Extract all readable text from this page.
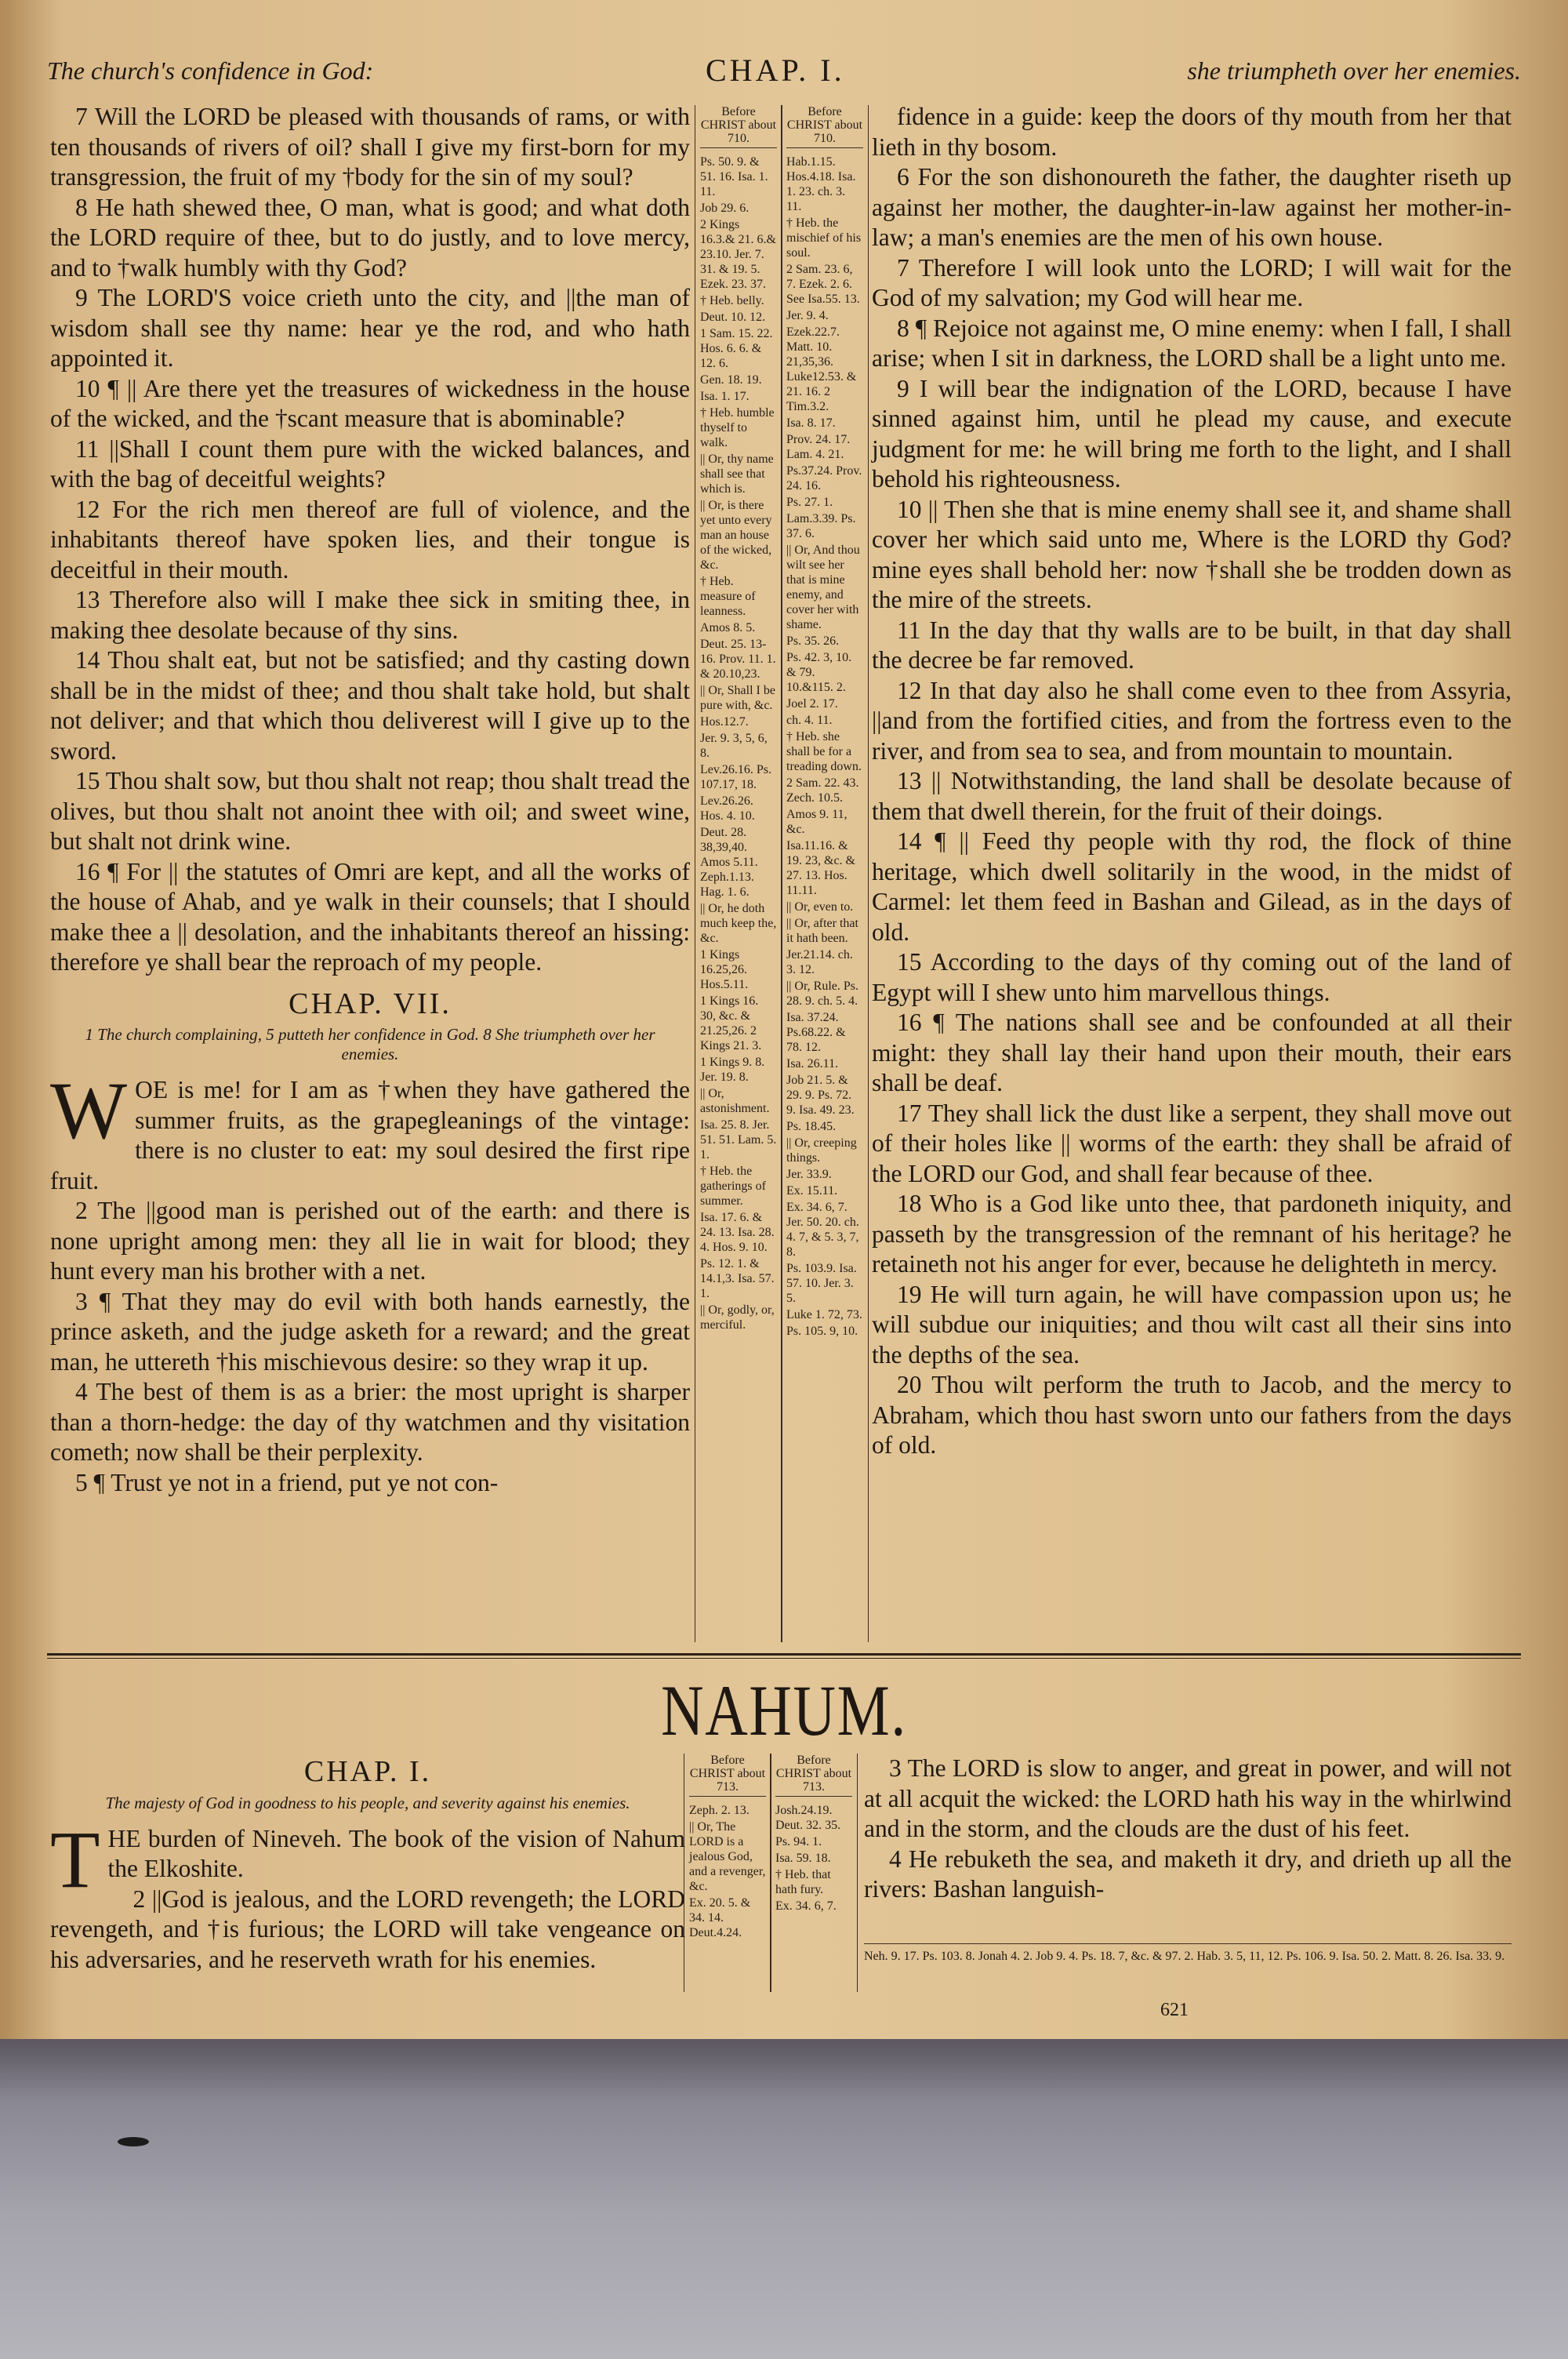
The church's confidence in God:	CHAP. I.	she triumpheth over her enemies.

7 Will the LORD be pleased with thousands of rams, or with ten thousands of rivers of oil? shall I give my first-born for my transgression, the fruit of my †body for the sin of my soul?

8 He hath shewed thee, O man, what is good; and what doth the LORD require of thee, but to do justly, and to love mercy, and to †walk humbly with thy God?

9 The LORD'S voice crieth unto the city, and ||the man of wisdom shall see thy name: hear ye the rod, and who hath appointed it.

10 ¶ || Are there yet the treasures of wickedness in the house of the wicked, and the †scant measure that is abominable?

11 ||Shall I count them pure with the wicked balances, and with the bag of deceitful weights?

12 For the rich men thereof are full of violence, and the inhabitants thereof have spoken lies, and their tongue is deceitful in their mouth.

13 Therefore also will I make thee sick in smiting thee, in making thee desolate because of thy sins.

14 Thou shalt eat, but not be satisfied; and thy casting down shall be in the midst of thee; and thou shalt take hold, but shalt not deliver; and that which thou deliverest will I give up to the sword.

15 Thou shalt sow, but thou shalt not reap; thou shalt tread the olives, but thou shalt not anoint thee with oil; and sweet wine, but shalt not drink wine.

16 ¶ For || the statutes of Omri are kept, and all the works of the house of Ahab, and ye walk in their counsels; that I should make thee a || desolation, and the inhabitants thereof an hissing: therefore ye shall bear the reproach of my people.

CHAP. VII.

1 The church complaining, 5 putteth her confidence in God. 8 She triumpheth over her enemies.

W OE is me! for I am as †when they have gathered the summer fruits, as the grapegleanings of the vintage: there is no cluster to eat: my soul desired the first ripe fruit.

2 The ||good man is perished out of the earth: and there is none upright among men: they all lie in wait for blood; they hunt every man his brother with a net.

3 ¶ That they may do evil with both hands earnestly, the prince asketh, and the judge asketh for a reward; and the great man, he uttereth †his mischievous desire: so they wrap it up.

4 The best of them is as a brier: the most upright is sharper than a thorn-hedge: the day of thy watchmen and thy visitation cometh; now shall be their perplexity.

5 ¶ Trust ye not in a friend, put ye not con-

Before CHRIST about 710.
Ps. 50. 9. & 51. 16. Isa. 1. 11.
Job 29. 6.
2 Kings 16.3.& 21. 6.& 23.10. Jer. 7. 31. & 19. 5. Ezek. 23. 37.
† Heb. belly.
Deut. 10. 12.
1 Sam. 15. 22. Hos. 6. 6. & 12. 6.
Gen. 18. 19.
Isa. 1. 17.
† Heb. humble thyself to walk.
|| Or, thy name shall see that which is.
|| Or, is there yet unto every man an house of the wicked, &c.
† Heb. measure of leanness.
Amos 8. 5.
Deut. 25. 13-16. Prov. 11. 1. & 20.10,23.
|| Or, Shall I be pure with, &c.
Hos.12.7.
Jer. 9. 3, 5, 6, 8.
Lev.26.16. Ps. 107.17, 18.
Lev.26.26. Hos. 4. 10.
Deut. 28. 38,39,40. Amos 5.11. Zeph.1.13. Hag. 1. 6.
|| Or, he doth much keep the, &c.
1 Kings 16.25,26. Hos.5.11.
1 Kings 16. 30, &c. & 21.25,26. 2 Kings 21. 3.
1 Kings 9. 8. Jer. 19. 8.
|| Or, astonishment.
Isa. 25. 8. Jer. 51. 51. Lam. 5. 1.
† Heb. the gatherings of summer.
Isa. 17. 6. & 24. 13. Isa. 28. 4. Hos. 9. 10.
Ps. 12. 1. & 14.1,3. Isa. 57. 1.
|| Or, godly, or, merciful.
Before CHRIST about 710.
Hab.1.15. Hos.4.18. Isa. 1. 23. ch. 3. 11.
† Heb. the mischief of his soul.
2 Sam. 23. 6, 7. Ezek. 2. 6. See Isa.55. 13.
Jer. 9. 4.
Ezek.22.7. Matt. 10. 21,35,36. Luke12.53. & 21. 16. 2 Tim.3.2.
Isa. 8. 17.
Prov. 24. 17. Lam. 4. 21.
Ps.37.24. Prov. 24. 16.
Ps. 27. 1.
Lam.3.39. Ps. 37. 6.
|| Or, And thou wilt see her that is mine enemy, and cover her with shame.
Ps. 35. 26.
Ps. 42. 3, 10. & 79. 10.&115. 2.
Joel 2. 17.
ch. 4. 11.
† Heb. she shall be for a treading down.
2 Sam. 22. 43. Zech. 10.5.
Amos 9. 11, &c.
Isa.11.16. & 19. 23, &c. & 27. 13. Hos. 11.11.
|| Or, even to.
|| Or, after that it hath been.
Jer.21.14. ch. 3. 12.
|| Or, Rule. Ps. 28. 9. ch. 5. 4.
Isa. 37.24. Ps.68.22. & 78. 12.
Isa. 26.11.
Job 21. 5. & 29. 9. Ps. 72. 9. Isa. 49. 23.
Ps. 18.45.
|| Or, creeping things.
Jer. 33.9.
Ex. 15.11.
Ex. 34. 6, 7. Jer. 50. 20. ch. 4. 7, & 5. 3, 7, 8.
Ps. 103.9. Isa. 57. 10. Jer. 3. 5.
Luke 1. 72, 73.
Ps. 105. 9, 10.

fidence in a guide: keep the doors of thy mouth from her that lieth in thy bosom.

6 For the son dishonoureth the father, the daughter riseth up against her mother, the daughter-in-law against her mother-in-law; a man's enemies are the men of his own house.

7 Therefore I will look unto the LORD; I will wait for the God of my salvation; my God will hear me.

8 ¶ Rejoice not against me, O mine enemy: when I fall, I shall arise; when I sit in darkness, the LORD shall be a light unto me.

9 I will bear the indignation of the LORD, because I have sinned against him, until he plead my cause, and execute judgment for me: he will bring me forth to the light, and I shall behold his righteousness.

10 || Then she that is mine enemy shall see it, and shame shall cover her which said unto me, Where is the LORD thy God? mine eyes shall behold her: now †shall she be trodden down as the mire of the streets.

11 In the day that thy walls are to be built, in that day shall the decree be far removed.

12 In that day also he shall come even to thee from Assyria, ||and from the fortified cities, and from the fortress even to the river, and from sea to sea, and from mountain to mountain.

13 || Notwithstanding, the land shall be desolate because of them that dwell therein, for the fruit of their doings.

14 ¶ || Feed thy people with thy rod, the flock of thine heritage, which dwell solitarily in the wood, in the midst of Carmel: let them feed in Bashan and Gilead, as in the days of old.

15 According to the days of thy coming out of the land of Egypt will I shew unto him marvellous things.

16 ¶ The nations shall see and be confounded at all their might: they shall lay their hand upon their mouth, their ears shall be deaf.

17 They shall lick the dust like a serpent, they shall move out of their holes like || worms of the earth: they shall be afraid of the LORD our God, and shall fear because of thee.

18 Who is a God like unto thee, that pardoneth iniquity, and passeth by the transgression of the remnant of his heritage? he retaineth not his anger for ever, because he delighteth in mercy.

19 He will turn again, he will have compassion upon us; he will subdue our iniquities; and thou wilt cast all their sins into the depths of the sea.

20 Thou wilt perform the truth to Jacob, and the mercy to Abraham, which thou hast sworn unto our fathers from the days of old.

NAHUM.

CHAP. I.

The majesty of God in goodness to his people, and severity against his enemies.

T HE burden of Nineveh. The book of the vision of Nahum the Elkoshite.

2 ||God is jealous, and the LORD revengeth; the LORD revengeth, and †is furious; the LORD will take vengeance on his adversaries, and he reserveth wrath for his enemies.

Before CHRIST about 713.
Zeph. 2. 13.
|| Or, The LORD is a jealous God, and a revenger, &c.
Ex. 20. 5. & 34. 14. Deut.4.24.
Before CHRIST about 713.
Josh.24.19. Deut. 32. 35.
Ps. 94. 1.
Isa. 59. 18.
† Heb. that hath fury.
Ex. 34. 6, 7.

3 The LORD is slow to anger, and great in power, and will not at all acquit the wicked: the LORD hath his way in the whirlwind and in the storm, and the clouds are the dust of his feet.

4 He rebuketh the sea, and maketh it dry, and drieth up all the rivers: Bashan languish-

Neh. 9. 17. Ps. 103. 8. Jonah 4. 2. Job 9. 4. Ps. 18. 7, &c. & 97. 2. Hab. 3. 5, 11, 12. Ps. 106. 9. Isa. 50. 2. Matt. 8. 26. Isa. 33. 9.
621
